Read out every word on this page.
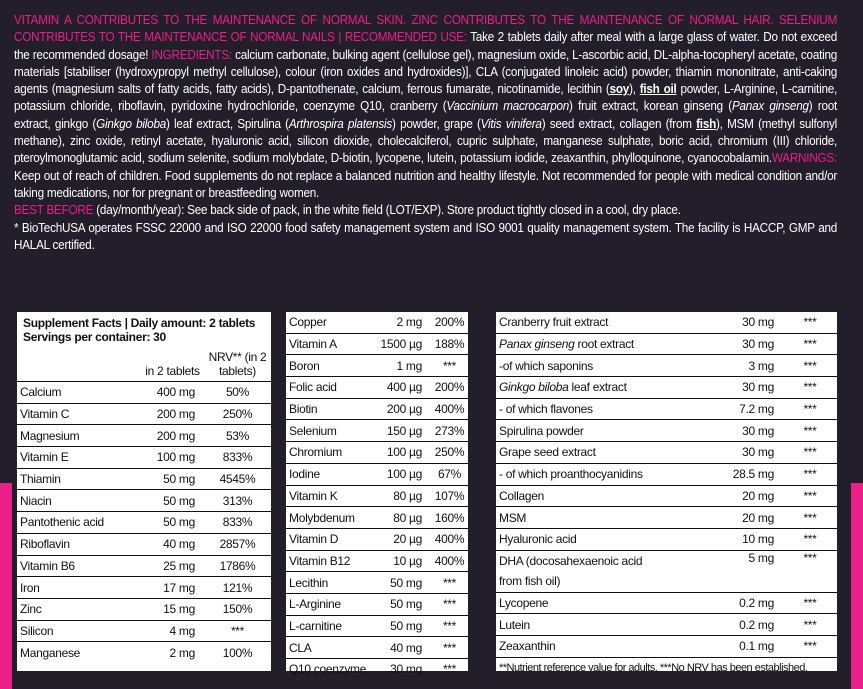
VITAMIN A CONTRIBUTES TO THE MAINTENANCE OF NORMAL SKIN. ZINC CONTRIBUTES TO THE MAINTENANCE OF NORMAL HAIR. SELENIUM CONTRIBUTES TO THE MAINTENANCE OF NORMAL NAILS | RECOMMENDED USE: Take 2 tablets daily after meal with a large glass of water. Do not exceed the recommended dosage! INGREDIENTS: calcium carbonate, bulking agent (cellulose gel), magnesium oxide, L-ascorbic acid, DL-alpha-tocopheryl acetate, coating materials [stabiliser (hydroxypropyl methyl cellulose), colour (iron oxides and hydroxides)], CLA (conjugated linoleic acid) powder, thiamin mononitrate, anti-caking agents (magnesium salts of fatty acids, fatty acids), D-pantothenate, calcium, ferrous fumarate, nicotinamide, lecithin (soy), fish oil powder, L-Arginine, L-carnitine, potassium chloride, riboflavin, pyridoxine hydrochloride, coenzyme Q10, cranberry (Vaccinium macrocarpon) fruit extract, korean ginseng (Panax ginseng) root extract, ginkgo (Ginkgo biloba) leaf extract, Spirulina (Arthrospira platensis) powder, grape (Vitis vinifera) seed extract, collagen (from fish), MSM (methyl sulfonyl methane), zinc oxide, retinyl acetate, hyaluronic acid, silicon dioxide, cholecalciferol, cupric sulphate, manganese sulphate, boric acid, chromium (III) chloride, pteroylmonoglutamic acid, sodium selenite, sodium molybdate, D-biotin, lycopene, lutein, potassium iodide, zeaxanthin, phylloquinone, cyanocobalamin.WARNINGS: Keep out of reach of children. Food supplements do not replace a balanced nutrition and healthy lifestyle. Not recommended for people with medical condition and/or taking medications, nor for pregnant or breastfeeding women.
BEST BEFORE (day/month/year): See back side of pack, in the white field (LOT/EXP). Store product tightly closed in a cool, dry place.
* BioTechUSA operates FSSC 22000 and ISO 22000 food safety management system and ISO 9001 quality management system. The facility is HACCP, GMP and HALAL certified.
Supplement Facts | Daily amount: 2 tablets
Servings per container: 30
	in 2 tablets	NRV** (in 2 tablets)
Calcium	400 mg	50%
Vitamin C	200 mg	250%
Magnesium	200 mg	53%
Vitamin E	100 mg	833%
Thiamin	50 mg	4545%
Niacin	50 mg	313%
Pantothenic acid	50 mg	833%
Riboflavin	40 mg	2857%
Vitamin B6	25 mg	1786%
Iron	17 mg	121%
Zinc	15 mg	150%
Silicon	4 mg	***
Manganese	2 mg	100%
Copper	2 mg	200%
Vitamin A	1500 µg	188%
Boron	1 mg	***
Folic acid	400 µg	200%
Biotin	200 µg	400%
Selenium	150 µg	273%
Chromium	100 µg	250%
Iodine	100 µg	67%
Vitamin K	80 µg	107%
Molybdenum	80 µg	160%
Vitamin D	20 µg	400%
Vitamin B12	10 µg	400%
Lecithin	50 mg	***
L-Arginine	50 mg	***
L-carnitine	50 mg	***
CLA	40 mg	***
Q10 coenzyme	30 mg	***
Cranberry fruit extract	30 mg	***
Panax ginseng root extract	30 mg	***
-of which saponins	3 mg	***
Ginkgo biloba leaf extract	30 mg	***
- of which flavones	7.2 mg	***
Spirulina powder	30 mg	***
Grape seed extract	30 mg	***
- of which proanthocyanidins	28.5 mg	***
Collagen	20 mg	***
MSM	20 mg	***
Hyaluronic acid	10 mg	***

DHA (docosahexaenoic acid
from fish oil)	5 mg	***
Lycopene	0.2 mg	***
Lutein	0.2 mg	***
Zeaxanthin	0.1 mg	***
**Nutrient reference value for adults. ***No NRV has been established.
